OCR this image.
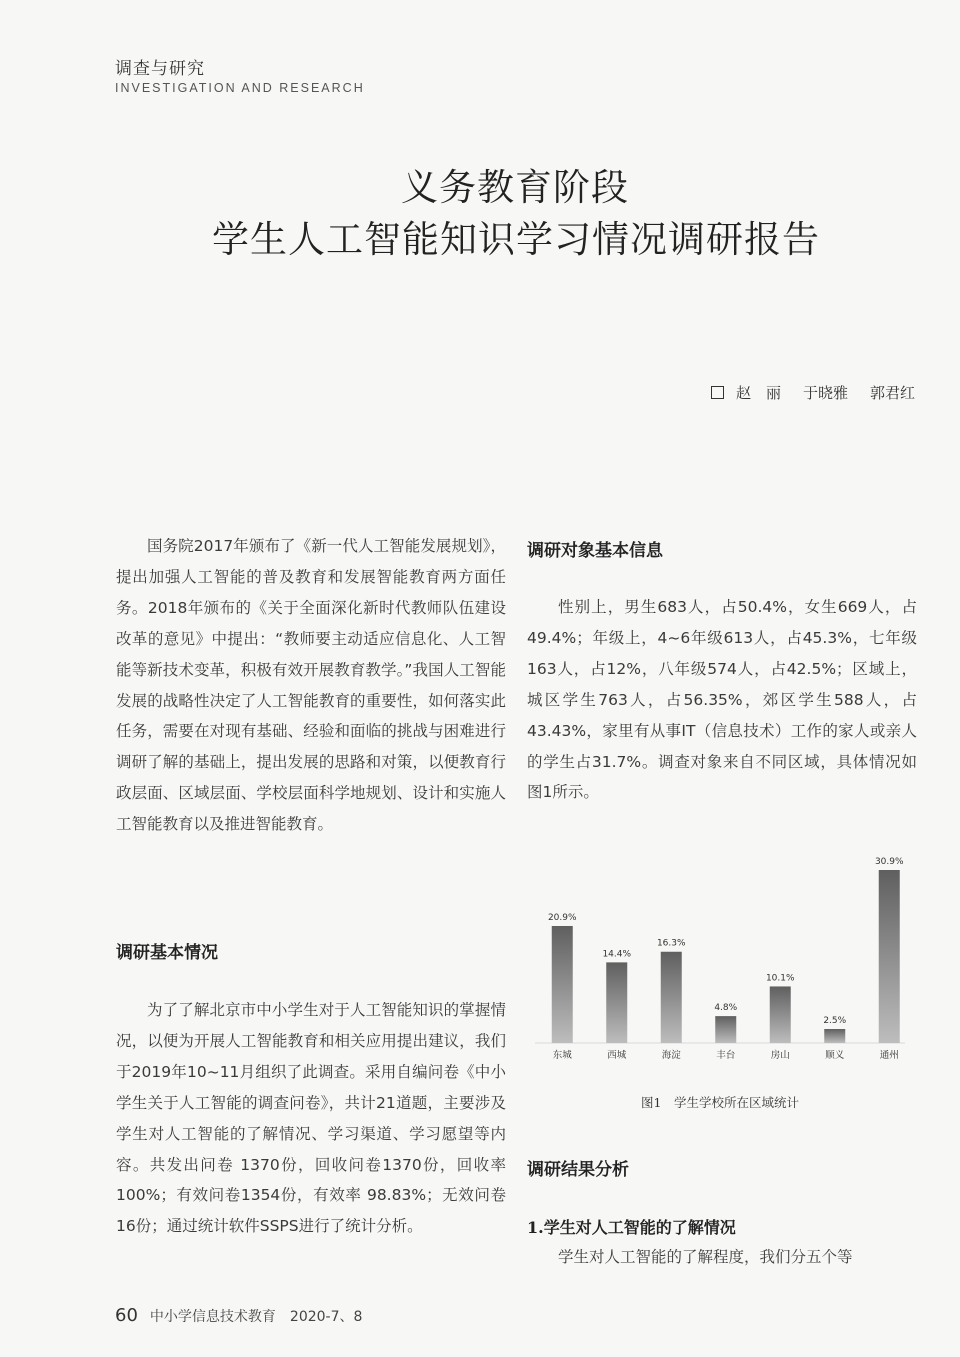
调查与研究
INVESTIGATION AND RESEARCH
义务教育阶段
学生人工智能知识学习情况调研报告
赵　丽 于晓雅 郭君红

国务院2017年颁布了《新一代人工智能发展规划》，提出加强人工智能的普及教育和发展智能教育两方面任务。2018年颁布的《关于全面深化新时代教师队伍建设改革的意见》中提出：“教师要主动适应信息化、人工智能等新技术变革，积极有效开展教育教学。”我国人工智能发展的战略性决定了人工智能教育的重要性，如何落实此任务，需要在对现有基础、经验和面临的挑战与困难进行调研了解的基础上，提出发展的思路和对策，以便教育行政层面、区域层面、学校层面科学地规划、设计和实施人工智能教育以及推进智能教育。

调研基本情况

为了了解北京市中小学生对于人工智能知识的掌握情况，以便为开展人工智能教育和相关应用提出建议，我们于2019年10~11月组织了此调查。采用自编问卷《中小学生关于人工智能的调查问卷》，共计21道题，主要涉及学生对人工智能的了解情况、学习渠道、学习愿望等内容。共发出问卷 1370份，回收问卷1370份，回收率100%；有效问卷1354份，有效率 98.83%；无效问卷16份；通过统计软件SSPS进行了统计分析。

调研对象基本信息

性别上，男生683人，占50.4%，女生669人，占49.4%；年级上，4~6年级613人，占45.3%，七年级163人，占12%，八年级574人，占42.5%；区域上，城区学生763人，占56.35%，郊区学生588人，占43.43%，家里有从事IT（信息技术）工作的家人或亲人的学生占31.7%。调查对象来自不同区域，具体情况如图1所示。

20.9%
东城
14.4%
西城
16.3%
海淀
4.8%
丰台
10.1%
房山
2.5%
顺义
30.9%
通州
图1　学生学校所在区域统计
调研结果分析
1.学生对人工智能的了解情况

学生对人工智能的了解程度，我们分五个等

60 中小学信息技术教育 2020-7、8
